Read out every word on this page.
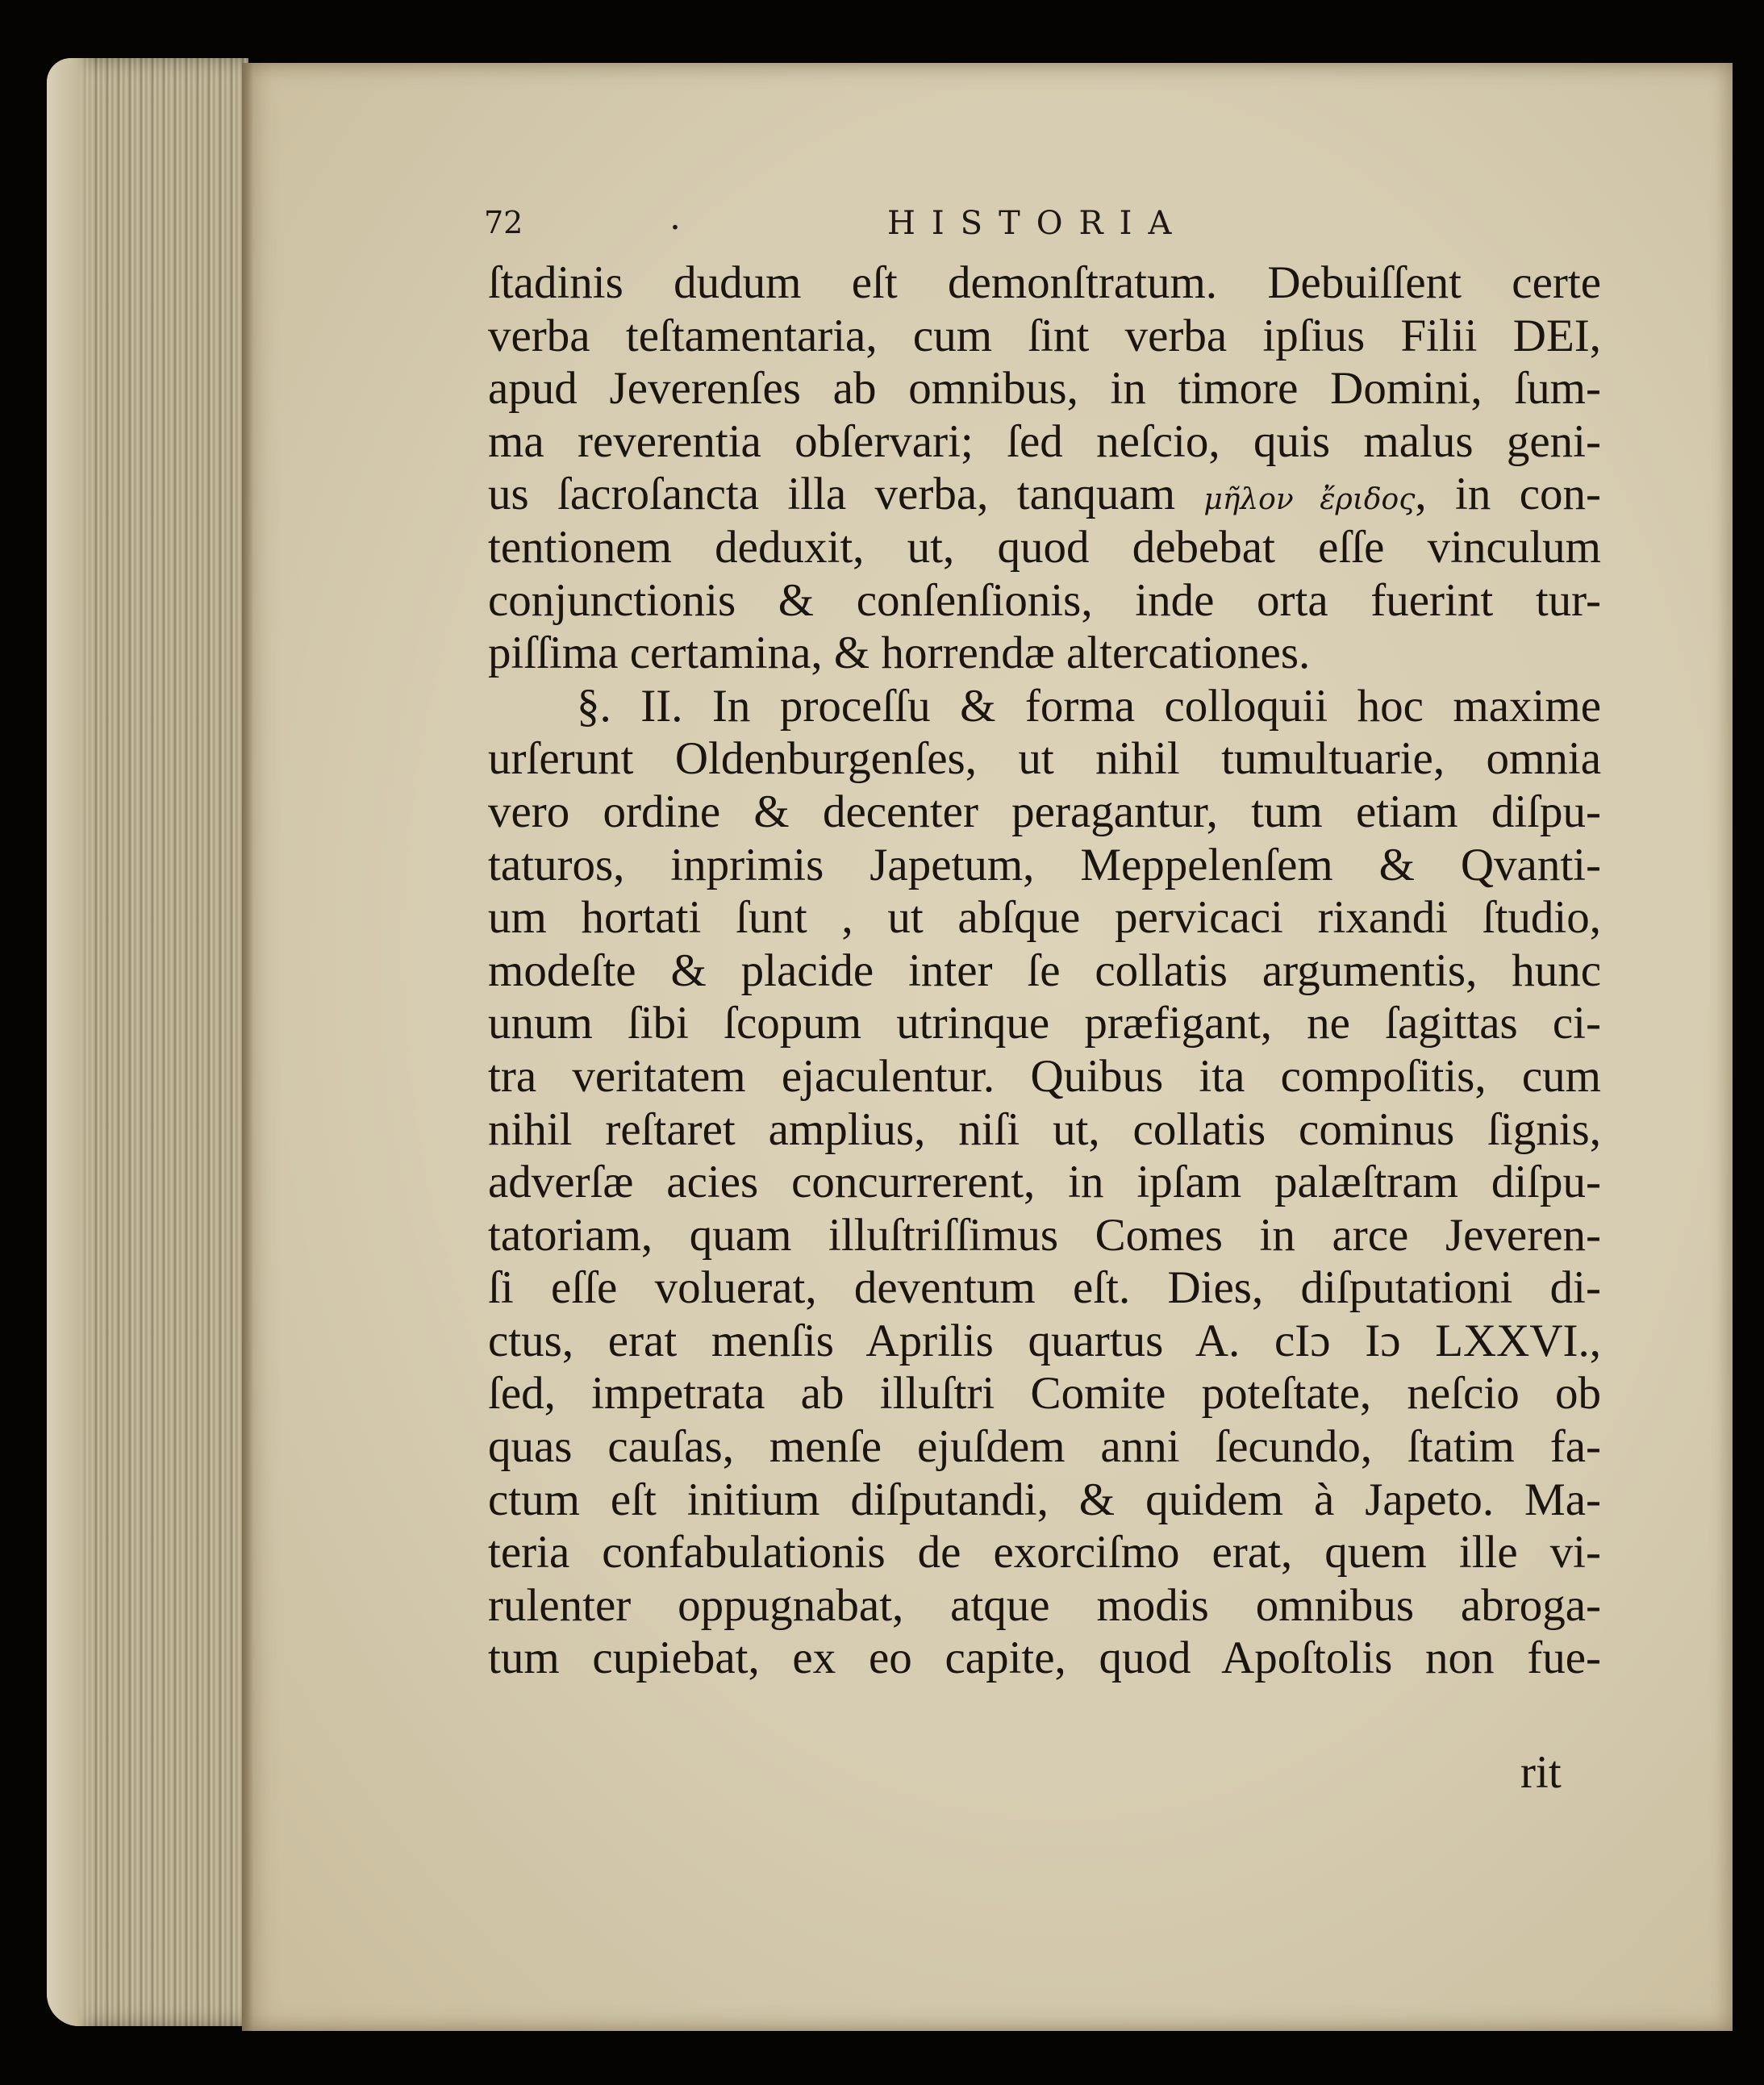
72	.	HISTORIA
ſtadinis dudum eſt demonſtratum. Debuiſſent certe
verba teſtamentaria, cum ſint verba ipſius Filii DEI,
apud Jeverenſes ab omnibus, in timore Domini, ſum-
ma reverentia obſervari; ſed neſcio, quis malus geni-
us ſacroſancta illa verba, tanquam μῆλον ἔριδος, in con-
tentionem deduxit, ut, quod debebat eſſe vinculum
conjunctionis & conſenſionis, inde orta fuerint tur-
piſſima certamina, & horrendæ altercationes.
§. II. In proceſſu & forma colloquii hoc maxime
urſerunt Oldenburgenſes, ut nihil tumultuarie, omnia
vero ordine & decenter peragantur, tum etiam diſpu-
taturos, inprimis Japetum, Meppelenſem & Qvanti-
um hortati ſunt , ut abſque pervicaci rixandi ſtudio,
modeſte & placide inter ſe collatis argumentis, hunc
unum ſibi ſcopum utrinque præfigant, ne ſagittas ci-
tra veritatem ejaculentur. Quibus ita compoſitis, cum
nihil reſtaret amplius, niſi ut, collatis cominus ſignis,
adverſæ acies concurrerent, in ipſam palæſtram diſpu-
tatoriam, quam illuſtriſſimus Comes in arce Jeveren-
ſi eſſe voluerat, deventum eſt. Dies, diſputationi di-
ctus, erat menſis Aprilis quartus A. cIɔ Iɔ LXXVI.,
ſed, impetrata ab illuſtri Comite poteſtate, neſcio ob
quas cauſas, menſe ejuſdem anni ſecundo, ſtatim fa-
ctum eſt initium diſputandi, & quidem à Japeto. Ma-
teria confabulationis de exorciſmo erat, quem ille vi-
rulenter oppugnabat, atque modis omnibus abroga-
tum cupiebat, ex eo capite, quod Apoſtolis non fue-
rit
